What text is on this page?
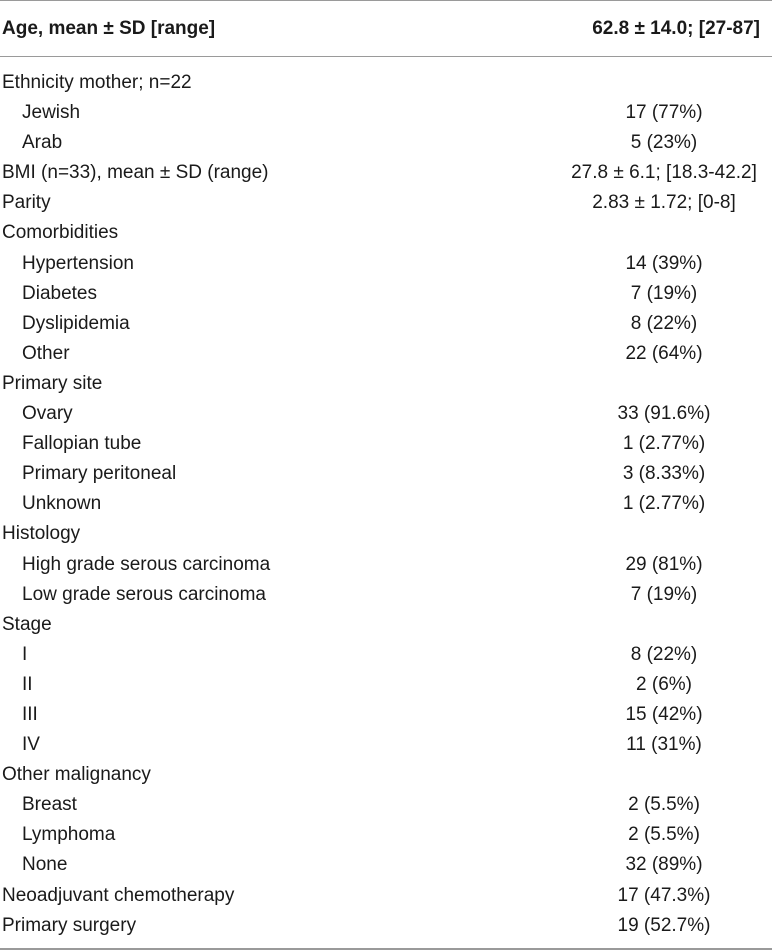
Age, mean ± SD [range]	62.8 ± 14.0; [27-87]
Ethnicity mother; n=22
Jewish	17 (77%)
Arab	5 (23%)
BMI (n=33), mean ± SD (range)	27.8 ± 6.1; [18.3-42.2]
Parity	2.83 ± 1.72; [0-8]
Comorbidities
Hypertension	14 (39%)
Diabetes	7 (19%)
Dyslipidemia	8 (22%)
Other	22 (64%)
Primary site
Ovary	33 (91.6%)
Fallopian tube	1 (2.77%)
Primary peritoneal	3 (8.33%)
Unknown	1 (2.77%)
Histology
High grade serous carcinoma	29 (81%)
Low grade serous carcinoma	7 (19%)
Stage
I	8 (22%)
II	2 (6%)
III	15 (42%)
IV	11 (31%)
Other malignancy
Breast	2 (5.5%)
Lymphoma	2 (5.5%)
None	32 (89%)
Neoadjuvant chemotherapy	17 (47.3%)
Primary surgery	19 (52.7%)
